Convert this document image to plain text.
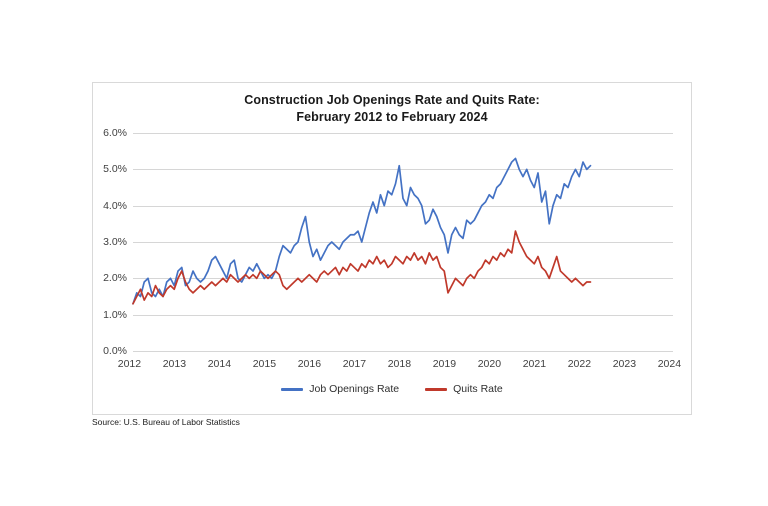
Construction Job Openings Rate and Quits Rate:
February 2012 to February 2024
0.0%
1.0%
2.0%
3.0%
4.0%
5.0%
6.0%
2012 2013 2014 2015 2016 2017 2018 2019 2020 2021 2022 2023 2024
Job Openings Rate	Quits Rate
Source: U.S. Bureau of Labor Statistics
